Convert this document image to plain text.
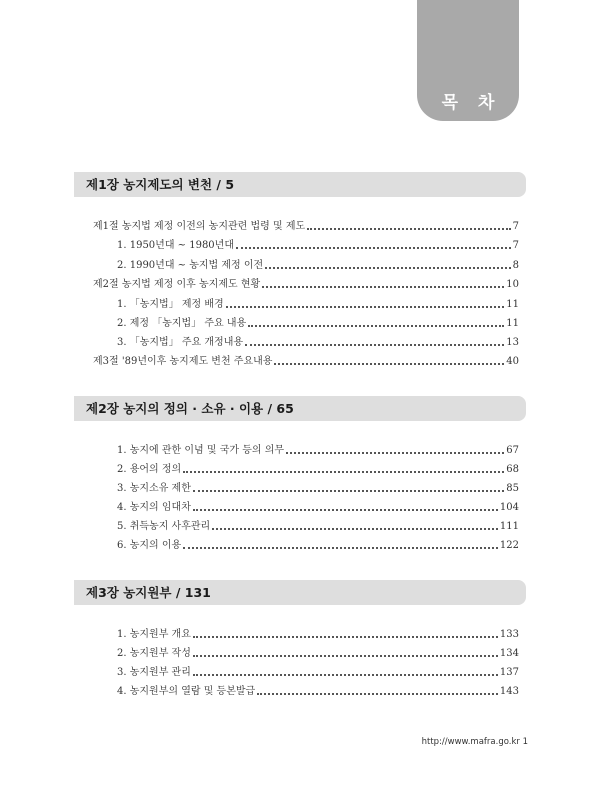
목 차
제1장 농지제도의 변천 / 5
제1절 농지법 제정 이전의 농지관련 법령 및 제도	7
1. 1950년대 ~ 1980년대	7
2. 1990년대 ~ 농지법 제정 이전	8
제2절 농지법 제정 이후 농지제도 현황	10
1. 「농지법」 제정 배경	11
2. 제정 「농지법」 주요 내용	11
3. 「농지법」 주요 개정내용	13
제3절 '89년이후 농지제도 변천 주요내용	40
제2장 농지의 정의 · 소유 · 이용 / 65
1. 농지에 관한 이념 및 국가 등의 의무	67
2. 용어의 정의	68
3. 농지소유 제한	85
4. 농지의 임대차	104
5. 취득농지 사후관리	111
6. 농지의 이용	122
제3장 농지원부 / 131
1. 농지원부 개요	133
2. 농지원부 작성	134
3. 농지원부 관리	137
4. 농지원부의 열람 및 등본발급	143
http://www.mafra.go.kr 1
